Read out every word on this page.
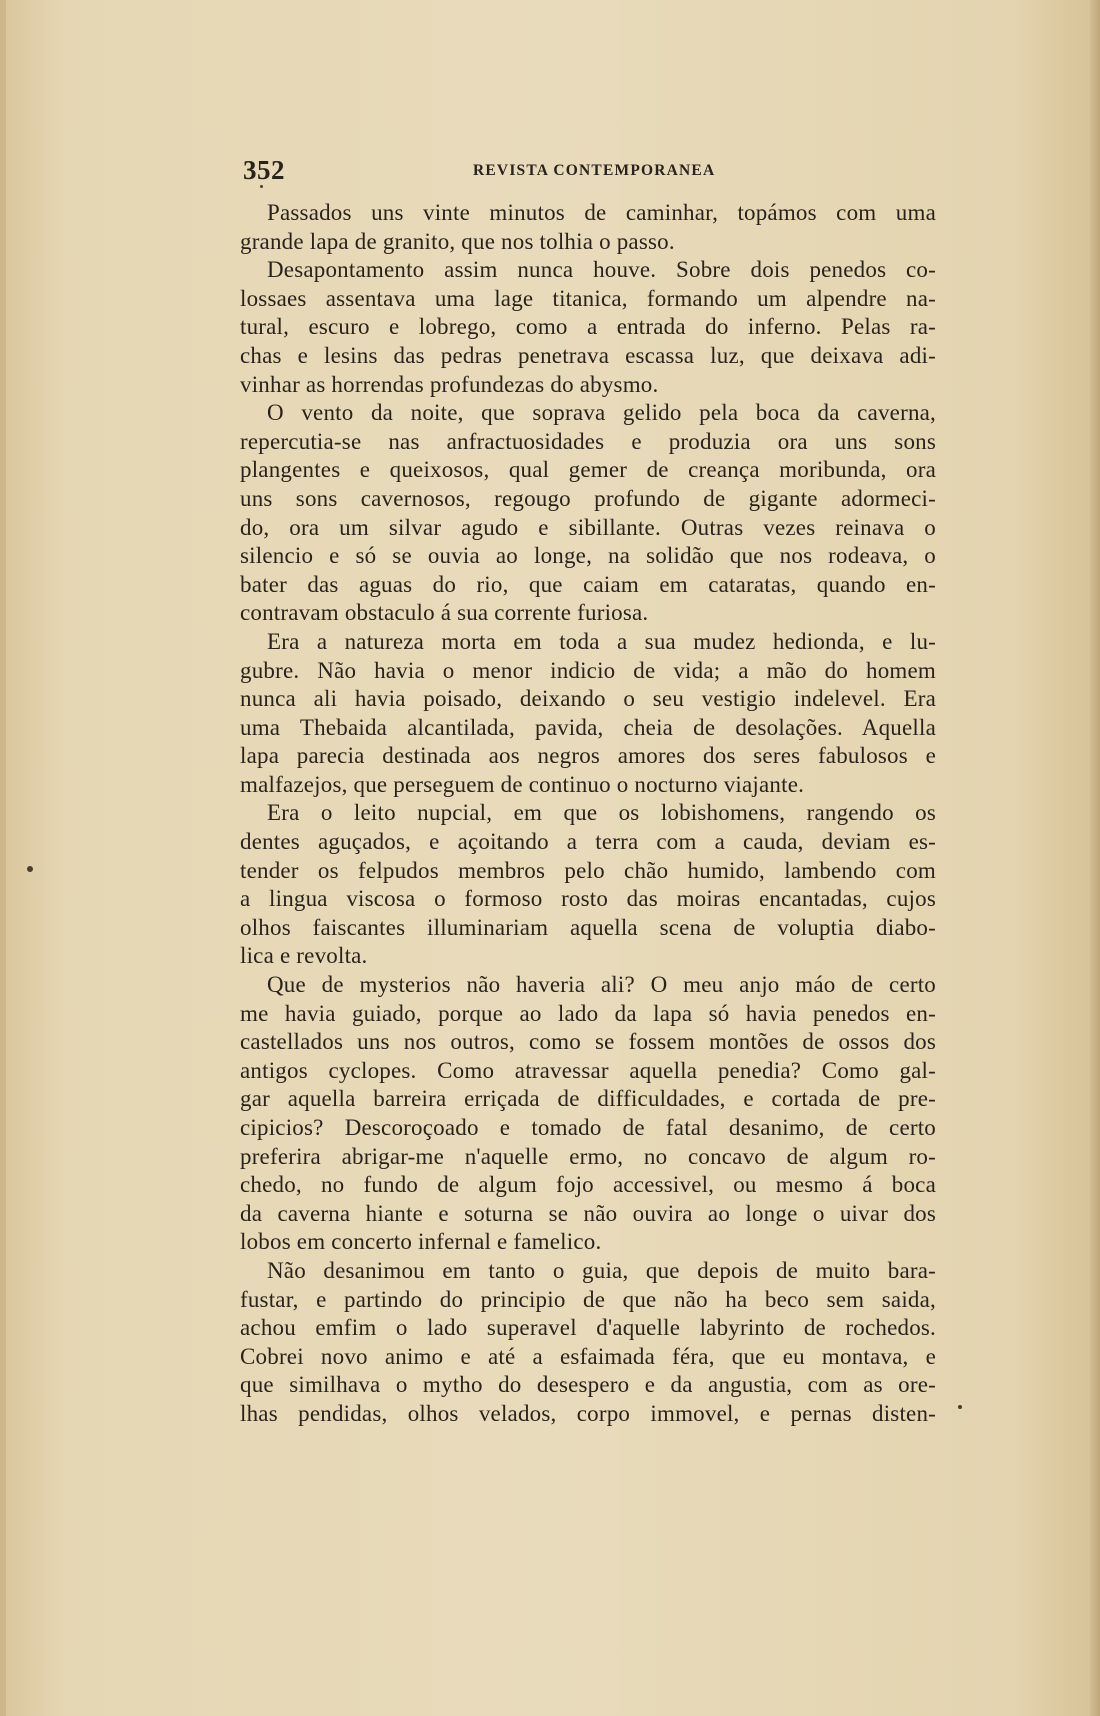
352	REVISTA CONTEMPORANEA
Passados uns vinte minutos de caminhar, topámos com uma
grande lapa de granito, que nos tolhia o passo.
Desapontamento assim nunca houve. Sobre dois penedos co-
lossaes assentava uma lage titanica, formando um alpendre na-
tural, escuro e lobrego, como a entrada do inferno. Pelas ra-
chas e lesins das pedras penetrava escassa luz, que deixava adi-
vinhar as horrendas profundezas do abysmo.
O vento da noite, que soprava gelido pela boca da caverna,
repercutia-se nas anfractuosidades e produzia ora uns sons
plangentes e queixosos, qual gemer de creança moribunda, ora
uns sons cavernosos, regougo profundo de gigante adormeci-
do, ora um silvar agudo e sibillante. Outras vezes reinava o
silencio e só se ouvia ao longe, na solidão que nos rodeava, o
bater das aguas do rio, que caiam em cataratas, quando en-
contravam obstaculo á sua corrente furiosa.
Era a natureza morta em toda a sua mudez hedionda, e lu-
gubre. Não havia o menor indicio de vida; a mão do homem
nunca ali havia poisado, deixando o seu vestigio indelevel. Era
uma Thebaida alcantilada, pavida, cheia de desolações. Aquella
lapa parecia destinada aos negros amores dos seres fabulosos e
malfazejos, que perseguem de continuo o nocturno viajante.
Era o leito nupcial, em que os lobishomens, rangendo os
dentes aguçados, e açoitando a terra com a cauda, deviam es-
tender os felpudos membros pelo chão humido, lambendo com
a lingua viscosa o formoso rosto das moiras encantadas, cujos
olhos faiscantes illuminariam aquella scena de voluptia diabo-
lica e revolta.
Que de mysterios não haveria ali? O meu anjo máo de certo
me havia guiado, porque ao lado da lapa só havia penedos en-
castellados uns nos outros, como se fossem montões de ossos dos
antigos cyclopes. Como atravessar aquella penedia? Como gal-
gar aquella barreira erriçada de difficuldades, e cortada de pre-
cipicios? Descoroçoado e tomado de fatal desanimo, de certo
preferira abrigar-me n'aquelle ermo, no concavo de algum ro-
chedo, no fundo de algum fojo accessivel, ou mesmo á boca
da caverna hiante e soturna se não ouvira ao longe o uivar dos
lobos em concerto infernal e famelico.
Não desanimou em tanto o guia, que depois de muito bara-
fustar, e partindo do principio de que não ha beco sem saida,
achou emfim o lado superavel d'aquelle labyrinto de rochedos.
Cobrei novo animo e até a esfaimada féra, que eu montava, e
que similhava o mytho do desespero e da angustia, com as ore-
lhas pendidas, olhos velados, corpo immovel, e pernas disten-
